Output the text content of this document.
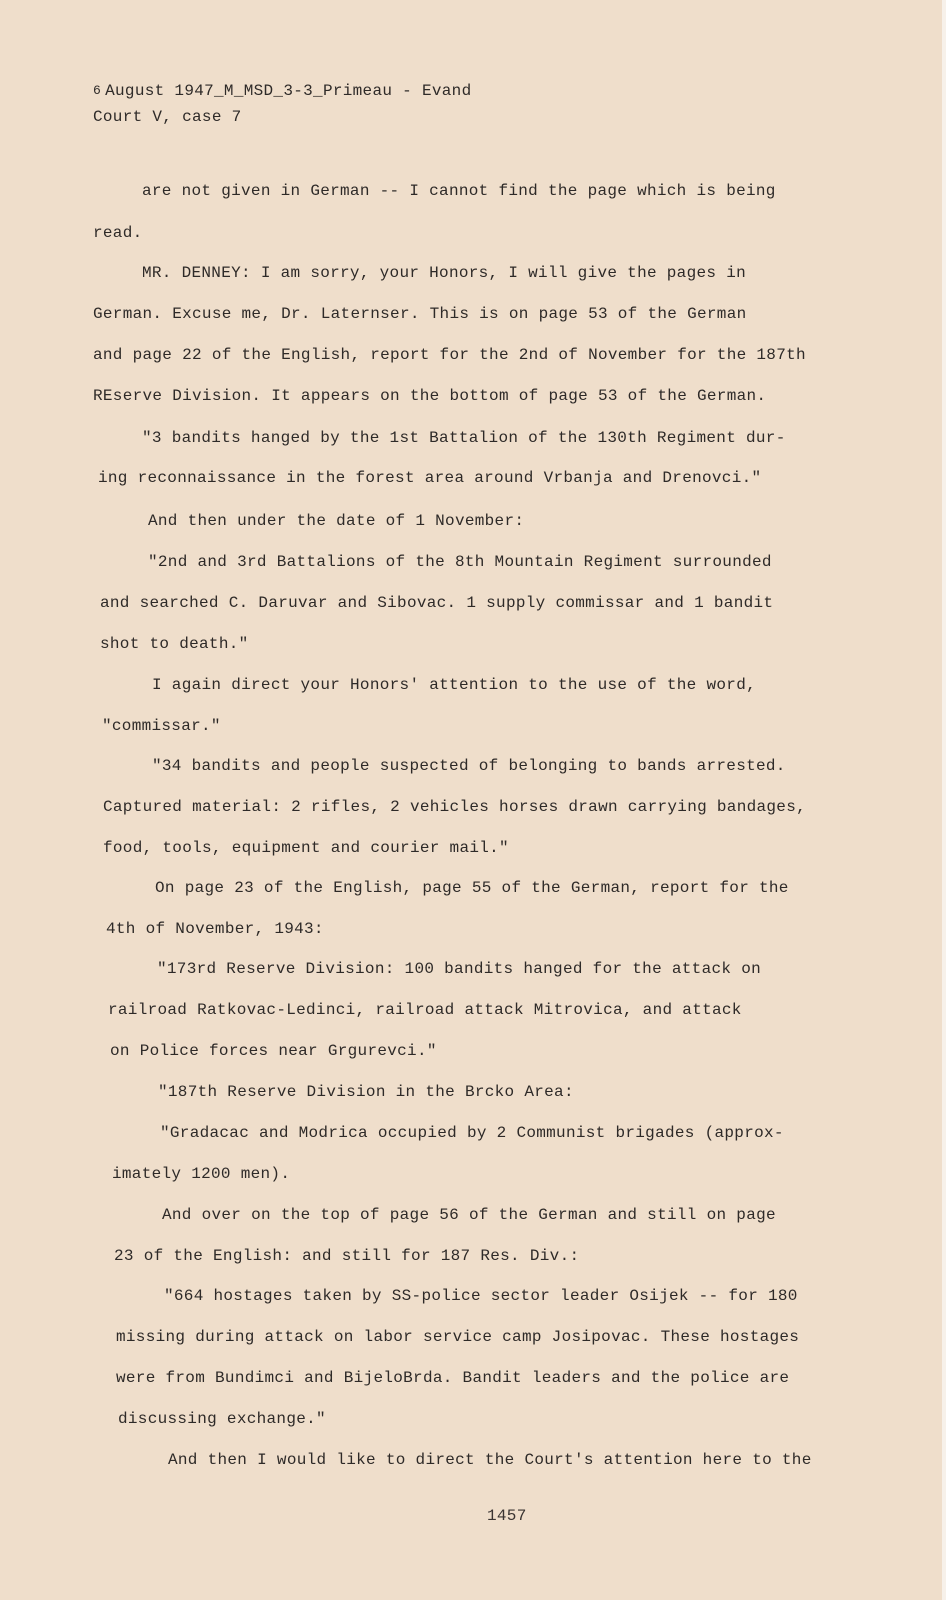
$^6$ August 1947_M_MSD_3-3_Primeau - Evand
Court V, case 7
are not given in German -- I cannot find the page which is being
read.
MR. DENNEY: I am sorry, your Honors, I will give the pages in
German. Excuse me, Dr. Laternser. This is on page 53 of the German
and page 22 of the English, report for the 2nd of November for the 187th
REserve Division. It appears on the bottom of page 53 of the German.
"3 bandits hanged by the 1st Battalion of the 130th Regiment dur-
ing reconnaissance in the forest area around Vrbanja and Drenovci."
And then under the date of 1 November:
"2nd and 3rd Battalions of the 8th Mountain Regiment surrounded
and searched C. Daruvar and Sibovac. 1 supply commissar and 1 bandit
shot to death."
I again direct your Honors' attention to the use of the word,
"commissar."
"34 bandits and people suspected of belonging to bands arrested.
Captured material: 2 rifles, 2 vehicles horses drawn carrying bandages,
food, tools, equipment and courier mail."
On page 23 of the English, page 55 of the German, report for the
4th of November, 1943:
"173rd Reserve Division: 100 bandits hanged for the attack on
railroad Ratkovac-Ledinci, railroad attack Mitrovica, and attack
on Police forces near Grgurevci."
"187th Reserve Division in the Brcko Area:
"Gradacac and Modrica occupied by 2 Communist brigades (approx-
imately 1200 men).
And over on the top of page 56 of the German and still on page
23 of the English: and still for 187 Res. Div.:
"664 hostages taken by SS-police sector leader Osijek -- for 180
missing during attack on labor service camp Josipovac. These hostages
were from Bundimci and BijeloBrda. Bandit leaders and the police are
discussing exchange."
And then I would like to direct the Court's attention here to the
1457
